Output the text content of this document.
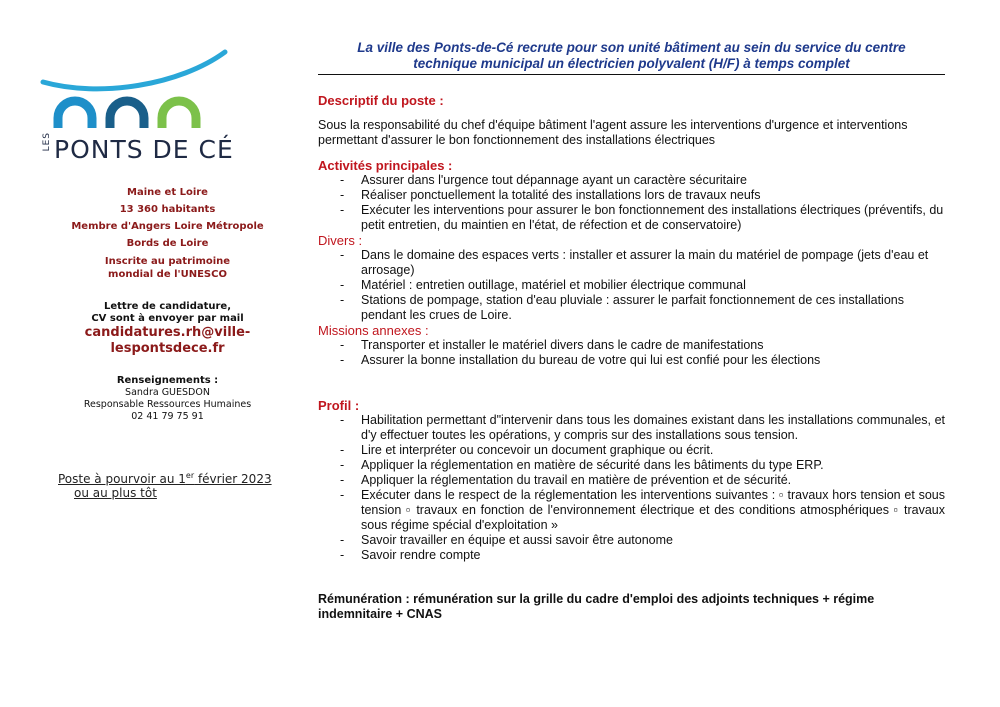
LES PONTS DE CÉ
Maine et Loire
13 360 habitants
Membre d'Angers Loire Métropole
Bords de Loire
Inscrite au patrimoine
mondial de l'UNESCO
Lettre de candidature,
CV sont à envoyer par mail
candidatures.rh@ville-
lespontsdece.fr
Renseignements :
Sandra GUESDON
Responsable Ressources Humaines
02 41 79 75 91
Poste à pourvoir au 1er février 2023
ou au plus tôt
La ville des Ponts-de-Cé recrute pour son unité bâtiment au sein du service du centre
technique municipal un électricien polyvalent (H/F) à temps complet
Descriptif du poste :
Sous la responsabilité du chef d'équipe bâtiment l'agent assure les interventions d'urgence et interventions permettant d'assurer le bon fonctionnement des installations électriques
Activités principales :
- Assurer dans l'urgence tout dépannage ayant un caractère sécuritaire
- Réaliser ponctuellement la totalité des installations lors de travaux neufs
- Exécuter les interventions pour assurer le bon fonctionnement des installations électriques (préventifs, du petit entretien, du maintien en l'état, de réfection et de conservatoire)
Divers :
- Dans le domaine des espaces verts : installer et assurer la main du matériel de pompage (jets d'eau et arrosage)
- Matériel : entretien outillage, matériel et mobilier électrique communal
- Stations de pompage, station d'eau pluviale : assurer le parfait fonctionnement de ces installations pendant les crues de Loire.
Missions annexes :
- Transporter et installer le matériel divers dans le cadre de manifestations
- Assurer la bonne installation du bureau de votre qui lui est confié pour les élections
Profil :
- Habilitation permettant d"intervenir dans tous les domaines existant dans les installations communales, et d'y effectuer toutes les opérations, y compris sur des installations sous tension.
- Lire et interpréter ou concevoir un document graphique ou écrit.
- Appliquer la réglementation en matière de sécurité dans les bâtiments du type ERP.
- Appliquer la réglementation du travail en matière de prévention et de sécurité.
- Exécuter dans le respect de la réglementation les interventions suivantes : ▫ travaux hors tension et sous tension ▫ travaux en fonction de l'environnement électrique et des conditions atmosphériques ▫ travaux sous régime spécial d'exploitation »
- Savoir travailler en équipe et aussi savoir être autonome
- Savoir rendre compte
Rémunération : rémunération sur la grille du cadre d'emploi des adjoints techniques + régime indemnitaire + CNAS
